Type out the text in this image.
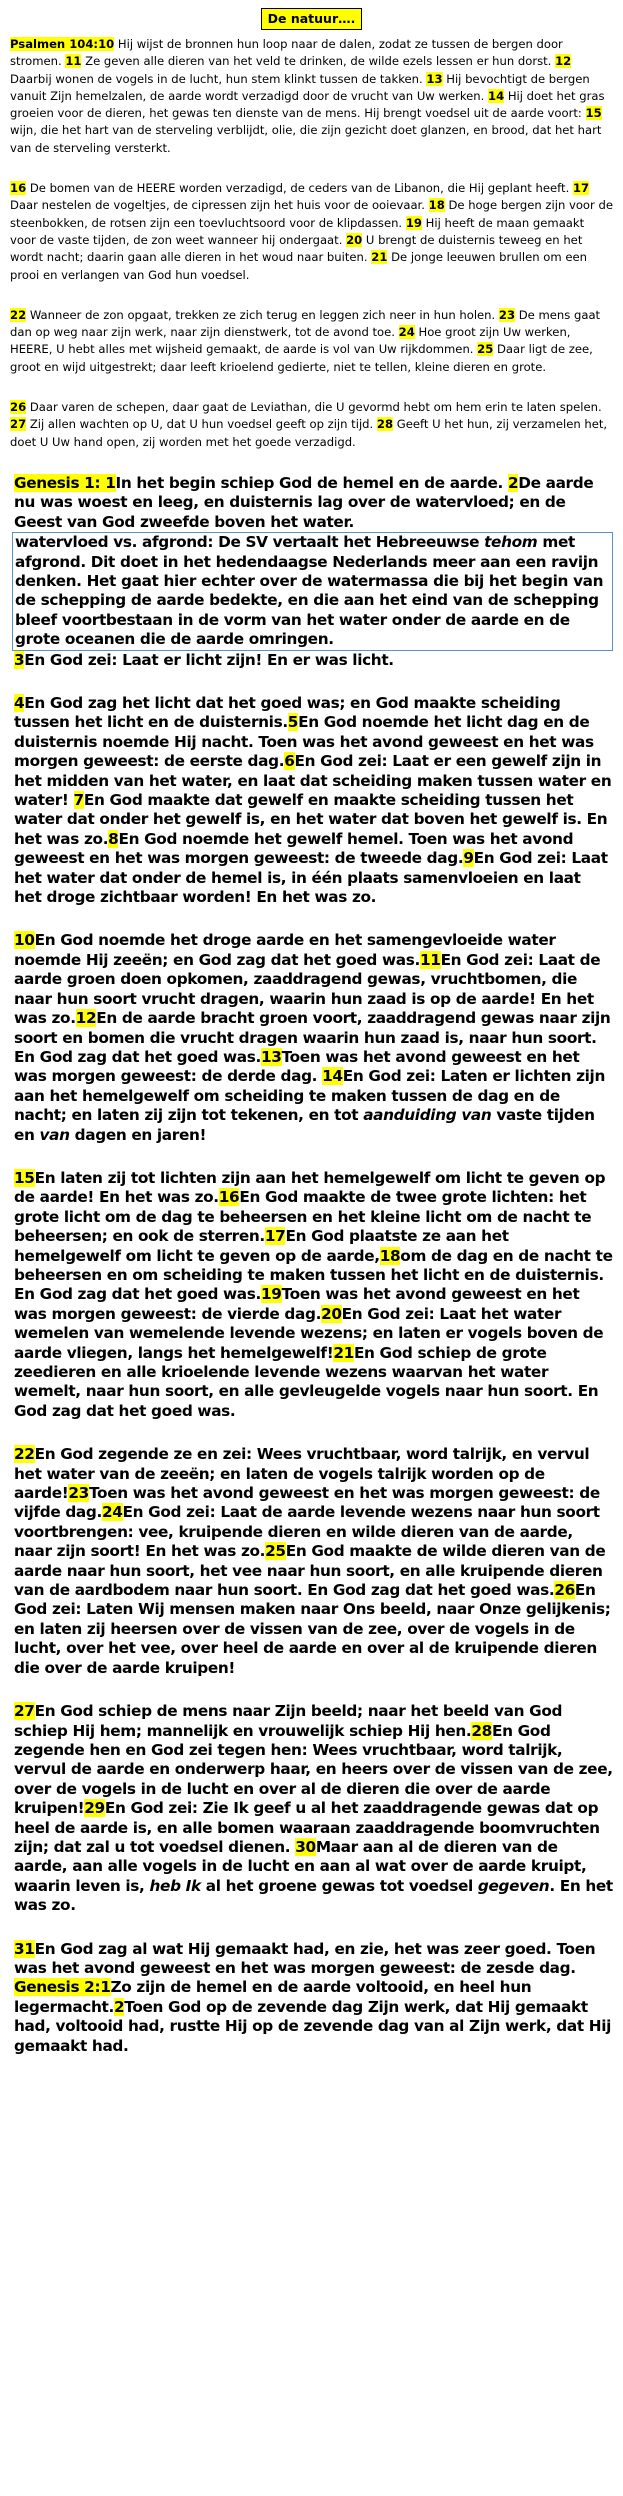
De natuur….

Psalmen 104:10 Hij wijst de bronnen hun loop naar de dalen, zodat ze tussen de bergen door stromen. 11 Ze geven alle dieren van het veld te drinken, de wilde ezels lessen er hun dorst. 12 Daarbij wonen de vogels in de lucht, hun stem klinkt tussen de takken. 13 Hij bevochtigt de bergen vanuit Zijn hemelzalen, de aarde wordt verzadigd door de vrucht van Uw werken. 14 Hij doet het gras groeien voor de dieren, het gewas ten dienste van de mens. Hij brengt voedsel uit de aarde voort: 15 wijn, die het hart van de sterveling verblijdt, olie, die zijn gezicht doet glanzen, en brood, dat het hart van de sterveling versterkt.

16 De bomen van de HEERE worden verzadigd, de ceders van de Libanon, die Hij geplant heeft. 17 Daar nestelen de vogeltjes, de cipressen zijn het huis voor de ooievaar. 18 De hoge bergen zijn voor de steenbokken, de rotsen zijn een toevluchtsoord voor de klipdassen. 19 Hij heeft de maan gemaakt voor de vaste tijden, de zon weet wanneer hij ondergaat. 20 U brengt de duisternis teweeg en het wordt nacht; daarin gaan alle dieren in het woud naar buiten. 21 De jonge leeuwen brullen om een prooi en verlangen van God hun voedsel.

22 Wanneer de zon opgaat, trekken ze zich terug en leggen zich neer in hun holen. 23 De mens gaat dan op weg naar zijn werk, naar zijn dienstwerk, tot de avond toe. 24 Hoe groot zijn Uw werken, HEERE, U hebt alles met wijsheid gemaakt, de aarde is vol van Uw rijkdommen. 25 Daar ligt de zee, groot en wijd uitgestrekt; daar leeft krioelend gedierte, niet te tellen, kleine dieren en grote.

26 Daar varen de schepen, daar gaat de Leviathan, die U gevormd hebt om hem erin te laten spelen. 27 Zij allen wachten op U, dat U hun voedsel geeft op zijn tijd. 28 Geeft U het hun, zij verzamelen het, doet U Uw hand open, zij worden met het goede verzadigd.

Genesis 1: 1In het begin schiep God de hemel en de aarde. 2De aarde nu was woest en leeg, en duisternis lag over de watervloed; en de Geest van God zweefde boven het water.
watervloed vs. afgrond: De SV vertaalt het Hebreeuwse tehom met afgrond. Dit doet in het hedendaagse Nederlands meer aan een ravijn denken. Het gaat hier echter over de watermassa die bij het begin van de schepping de aarde bedekte, en die aan het eind van de schepping bleef voortbestaan in de vorm van het water onder de aarde en de grote oceanen die de aarde omringen.
3En God zei: Laat er licht zijn! En er was licht.
4En God zag het licht dat het goed was; en God maakte scheiding tussen het licht en de duisternis.5En God noemde het licht dag en de duisternis noemde Hij nacht. Toen was het avond geweest en het was morgen geweest: de eerste dag.6En God zei: Laat er een gewelf zijn in het midden van het water, en laat dat scheiding maken tussen water en water! 7En God maakte dat gewelf en maakte scheiding tussen het water dat onder het gewelf is, en het water dat boven het gewelf is. En het was zo.8En God noemde het gewelf hemel. Toen was het avond geweest en het was morgen geweest: de tweede dag.9En God zei: Laat het water dat onder de hemel is, in één plaats samenvloeien en laat het droge zichtbaar worden! En het was zo.
10En God noemde het droge aarde en het samengevloeide water noemde Hij zeeën; en God zag dat het goed was.11En God zei: Laat de aarde groen doen opkomen, zaaddragend gewas, vruchtbomen, die naar hun soort vrucht dragen, waarin hun zaad is op de aarde! En het was zo.12En de aarde bracht groen voort, zaaddragend gewas naar zijn soort en bomen die vrucht dragen waarin hun zaad is, naar hun soort. En God zag dat het goed was.13Toen was het avond geweest en het was morgen geweest: de derde dag. 14En God zei: Laten er lichten zijn aan het hemelgewelf om scheiding te maken tussen de dag en de nacht; en laten zij zijn tot tekenen, en tot aanduiding van vaste tijden en van dagen en jaren!
15En laten zij tot lichten zijn aan het hemelgewelf om licht te geven op de aarde! En het was zo.16En God maakte de twee grote lichten: het grote licht om de dag te beheersen en het kleine licht om de nacht te beheersen; en ook de sterren.17En God plaatste ze aan het hemelgewelf om licht te geven op de aarde,18om de dag en de nacht te beheersen en om scheiding te maken tussen het licht en de duisternis. En God zag dat het goed was.19Toen was het avond geweest en het was morgen geweest: de vierde dag.20En God zei: Laat het water wemelen van wemelende levende wezens; en laten er vogels boven de aarde vliegen, langs het hemelgewelf!21En God schiep de grote zeedieren en alle krioelende levende wezens waarvan het water wemelt, naar hun soort, en alle gevleugelde vogels naar hun soort. En God zag dat het goed was.
22En God zegende ze en zei: Wees vruchtbaar, word talrijk, en vervul het water van de zeeën; en laten de vogels talrijk worden op de aarde!23Toen was het avond geweest en het was morgen geweest: de vijfde dag.24En God zei: Laat de aarde levende wezens naar hun soort voortbrengen: vee, kruipende dieren en wilde dieren van de aarde, naar zijn soort! En het was zo.25En God maakte de wilde dieren van de aarde naar hun soort, het vee naar hun soort, en alle kruipende dieren van de aardbodem naar hun soort. En God zag dat het goed was.26En God zei: Laten Wij mensen maken naar Ons beeld, naar Onze gelijkenis; en laten zij heersen over de vissen van de zee, over de vogels in de lucht, over het vee, over heel de aarde en over al de kruipende dieren die over de aarde kruipen!
27En God schiep de mens naar Zijn beeld; naar het beeld van God schiep Hij hem; mannelijk en vrouwelijk schiep Hij hen.28En God zegende hen en God zei tegen hen: Wees vruchtbaar, word talrijk, vervul de aarde en onderwerp haar, en heers over de vissen van de zee, over de vogels in de lucht en over al de dieren die over de aarde kruipen!29En God zei: Zie Ik geef u al het zaaddragende gewas dat op heel de aarde is, en alle bomen waaraan zaaddragende boomvruchten zijn; dat zal u tot voedsel dienen. 30Maar aan al de dieren van de aarde, aan alle vogels in de lucht en aan al wat over de aarde kruipt, waarin leven is, heb Ik al het groene gewas tot voedsel gegeven. En het was zo.
31En God zag al wat Hij gemaakt had, en zie, het was zeer goed. Toen was het avond geweest en het was morgen geweest: de zesde dag. Genesis 2:1Zo zijn de hemel en de aarde voltooid, en heel hun legermacht.2Toen God op de zevende dag Zijn werk, dat Hij gemaakt had, voltooid had, rustte Hij op de zevende dag van al Zijn werk, dat Hij gemaakt had.
